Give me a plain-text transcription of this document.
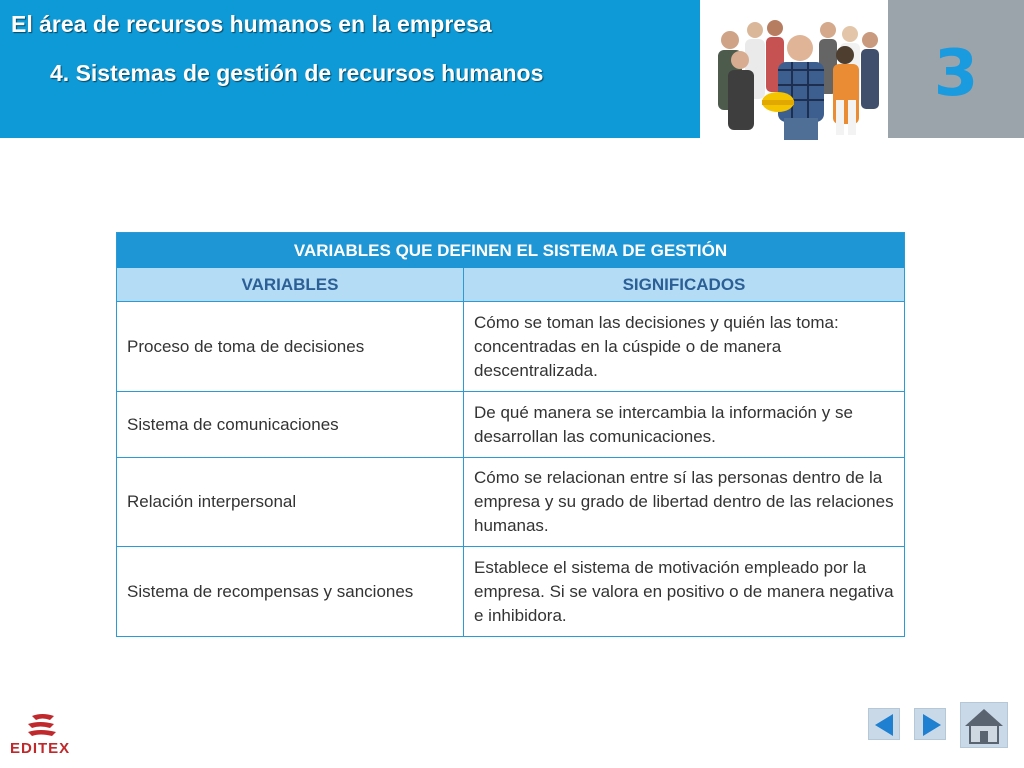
El área de recursos humanos en la empresa
4. Sistemas de gestión de recursos humanos	3
VARIABLES QUE DEFINEN EL SISTEMA DE GESTIÓN
VARIABLES	SIGNIFICADOS
Proceso de toma de decisiones
Cómo se toman las decisiones y quién las toma: concentradas en la cúspide o de manera descentralizada.
Sistema de comunicaciones
De qué manera se intercambia la información y se desarrollan las comunicaciones.
Relación interpersonal
Cómo se relacionan entre sí las personas dentro de la empresa y su grado de libertad dentro de las relaciones humanas.
Sistema de recompensas y sanciones
Establece el sistema de motivación empleado por la empresa. Si se valora en positivo o de manera negativa e inhibidora.
EDITEX
